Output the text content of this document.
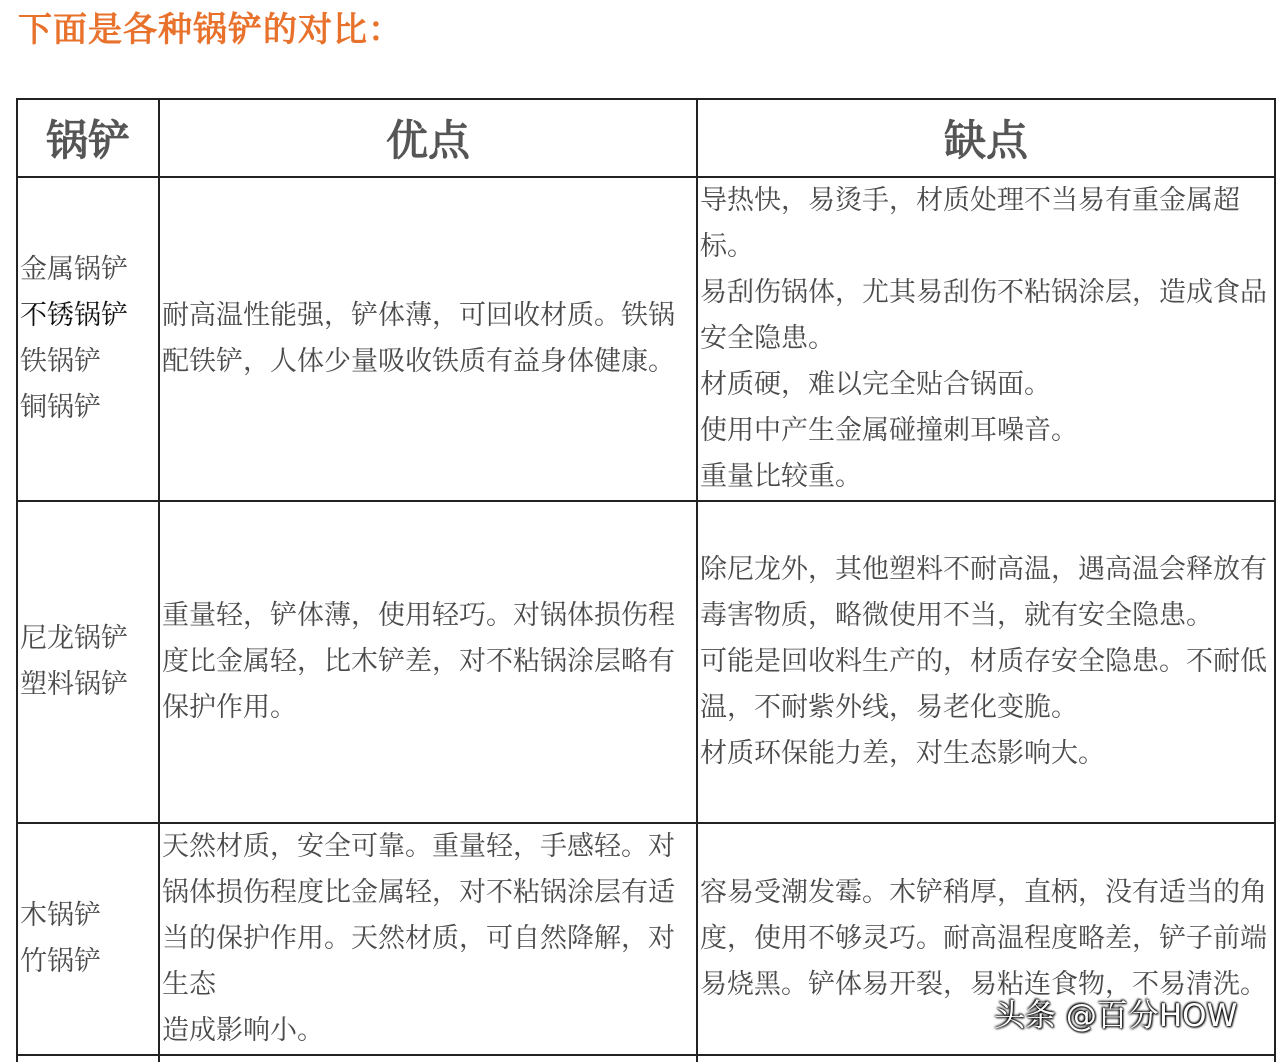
下面是各种锅铲的对比：
锅铲	优点	缺点

金属锅铲
不锈锅铲
铁锅铲
铜锅铲	耐高温性能强，铲体薄，可回收材质。铁锅配铁铲，人体少量吸收铁质有益身体健康。	导热快，易烫手，材质处理不当易有重金属超标。
易刮伤锅体，尤其易刮伤不粘锅涂层，造成食品安全隐患。
材质硬，难以完全贴合锅面。
使用中产生金属碰撞刺耳噪音。
重量比较重。

尼龙锅铲
塑料锅铲	重量轻，铲体薄，使用轻巧。对锅体损伤程度比金属轻，比木铲差，对不粘锅涂层略有保护作用。	除尼龙外，其他塑料不耐高温，遇高温会释放有毒害物质，略微使用不当，就有安全隐患。
可能是回收料生产的，材质存安全隐患。不耐低温，不耐紫外线，易老化变脆。
材质环保能力差，对生态影响大。

木锅铲
竹锅铲	天然材质，安全可靠。重量轻，手感轻。对锅体损伤程度比金属轻，对不粘锅涂层有适当的保护作用。天然材质，可自然降解，对生态
造成影响小。	容易受潮发霉。木铲稍厚，直柄，没有适当的角度，使用不够灵巧。耐高温程度略差，铲子前端易烧黑。铲体易开裂，易粘连食物，不易清洗。

头条 @百分HOW
